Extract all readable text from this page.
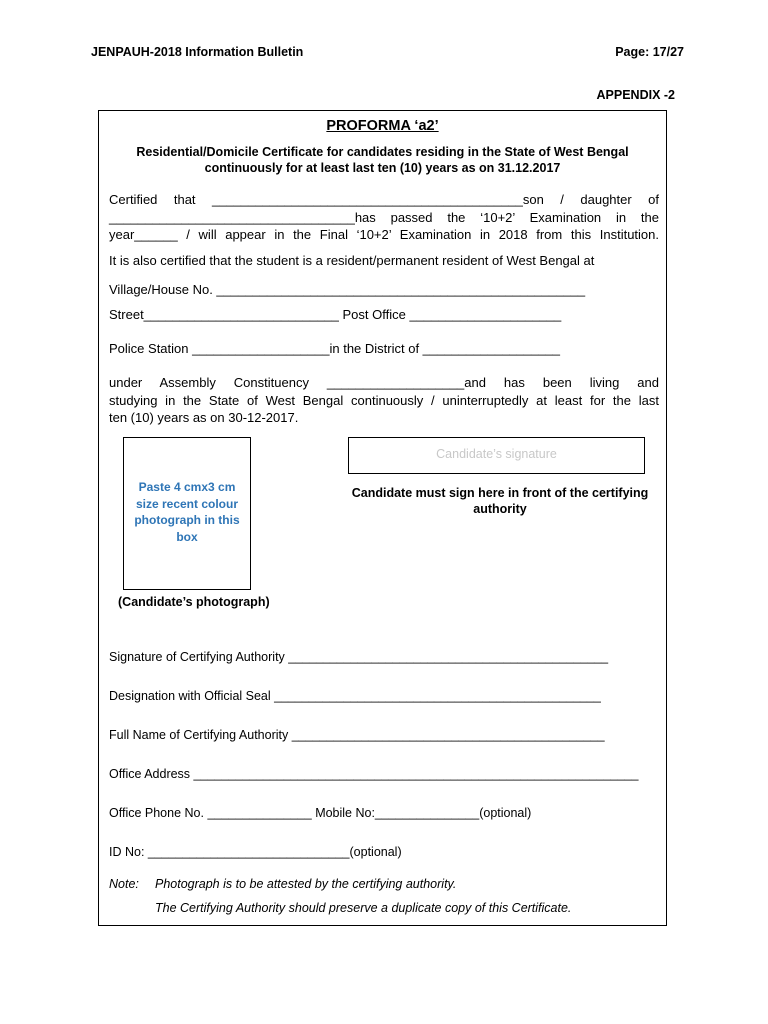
JENPAUH-2018 Information Bulletin	Page: 17/27
APPENDIX -2
PROFORMA ‘a2’
Residential/Domicile Certificate for candidates residing in the State of West Bengal
continuously for at least last ten (10) years as on 31.12.2017
Certified that ___________________________________________son / daughter of
__________________________________has passed the ‘10+2’ Examination in the
year______ / will appear in the Final ‘10+2’ Examination in 2018 from this Institution.
It is also certified that the student is a resident/permanent resident of West Bengal at
Village/House No. ___________________________________________________
Street___________________________ Post Office _____________________
Police Station ___________________in the District of ___________________
under Assembly Constituency ___________________and has been living and
studying in the State of West Bengal continuously / uninterruptedly at least for the last
ten (10) years as on 30-12-2017.
Paste 4 cmx3 cm size recent colour photograph in this box
(Candidate’s photograph)
Candidate’s signature
Candidate must sign here in front of the certifying authority
Signature of Certifying Authority ______________________________________________
Designation with Official Seal _______________________________________________
Full Name of Certifying Authority _____________________________________________
Office Address ________________________________________________________________
Office Phone No. _______________ Mobile No:_______________(optional)
ID No: _____________________________(optional)
Note: Photograph is to be attested by the certifying authority.
The Certifying Authority should preserve a duplicate copy of this Certificate.
